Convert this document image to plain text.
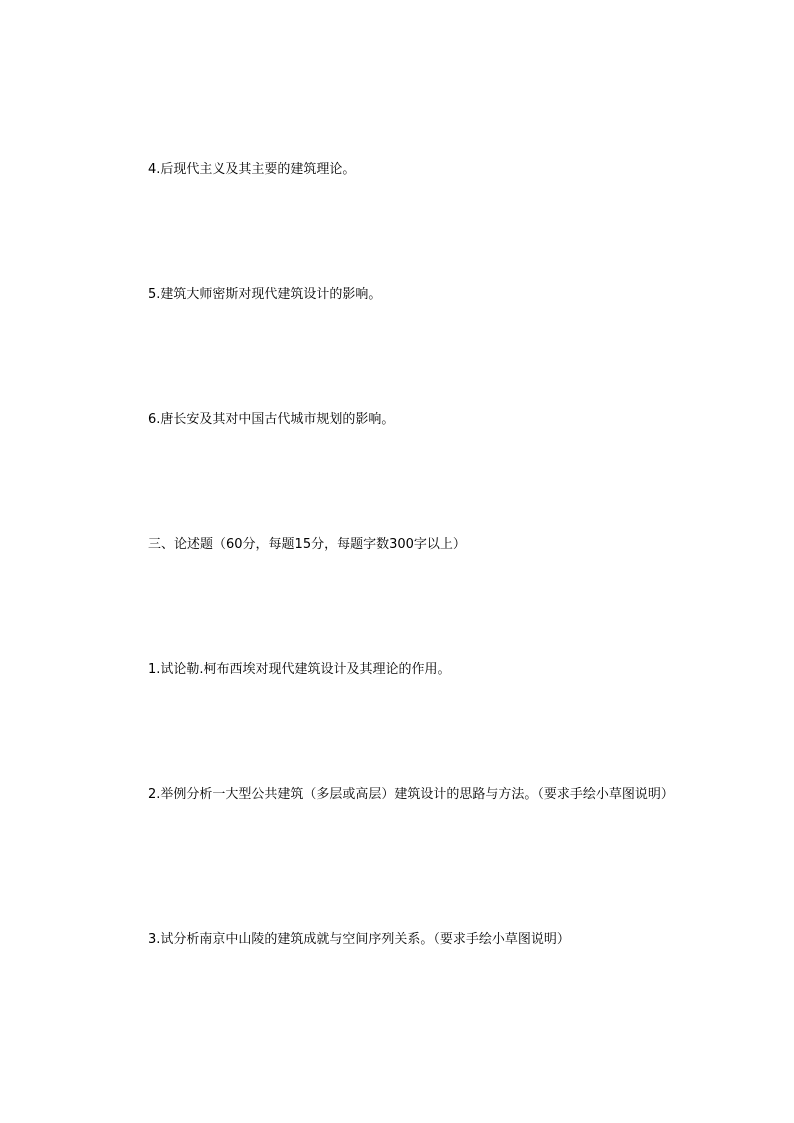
4.后现代主义及其主要的建筑理论。

5.建筑大师密斯对现代建筑设计的影响。

6.唐长安及其对中国古代城市规划的影响。

三、论述题（60分，每题15分，每题字数300字以上）

1.试论勒.柯布西埃对现代建筑设计及其理论的作用。

2.举例分析一大型公共建筑（多层或高层）建筑设计的思路与方法。（要求手绘小草图说明）

3.试分析南京中山陵的建筑成就与空间序列关系。（要求手绘小草图说明）
